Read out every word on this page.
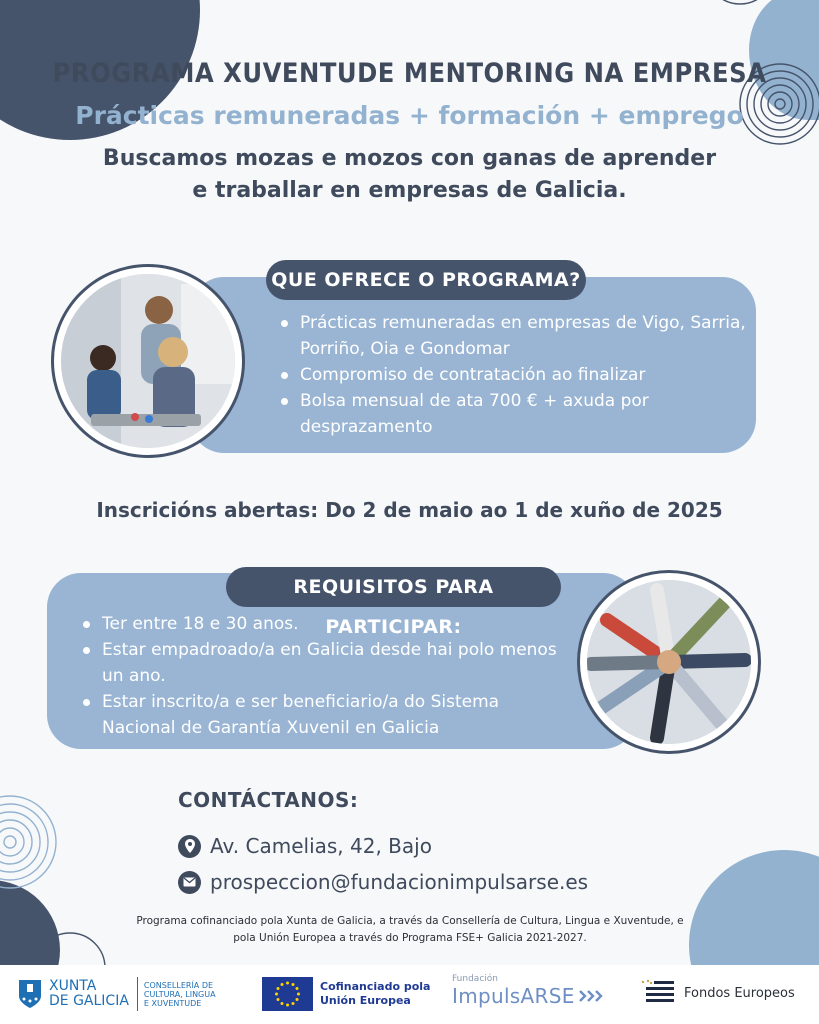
PROGRAMA XUVENTUDE MENTORING NA EMPRESA
Prácticas remuneradas + formación + emprego
Buscamos mozas e mozos con ganas de aprender
e traballar en empresas de Galicia.
QUE OFRECE O PROGRAMA?
Prácticas remuneradas en empresas de Vigo, Sarria, Porriño, Oia e Gondomar
Compromiso de contratación ao finalizar
Bolsa mensual de ata 700 € + axuda por desprazamento
Inscricións abertas: Do 2 de maio ao 1 de xuño de 2025
REQUISITOS PARA PARTICIPAR:
Ter entre 18 e 30 anos.
Estar empadroado/a en Galicia desde hai polo menos un ano.
Estar inscrito/a e ser beneficiario/a do Sistema Nacional de Garantía Xuvenil en Galicia
CONTÁCTANOS:
Av. Camelias, 42, Bajo
prospeccion@fundacionimpulsarse.es
Programa cofinanciado pola Xunta de Galicia, a través da Consellería de Cultura, Lingua e Xuventude, e
pola Unión Europea a través do Programa FSE+ Galicia 2021-2027.
XUNTA
DE GALICIA
CONSELLERÍA DE
CULTURA, LINGUA
E XUVENTUDE
Cofinanciado pola
Unión Europea
Fundación
ImpulsARSE	Fondos Europeos
